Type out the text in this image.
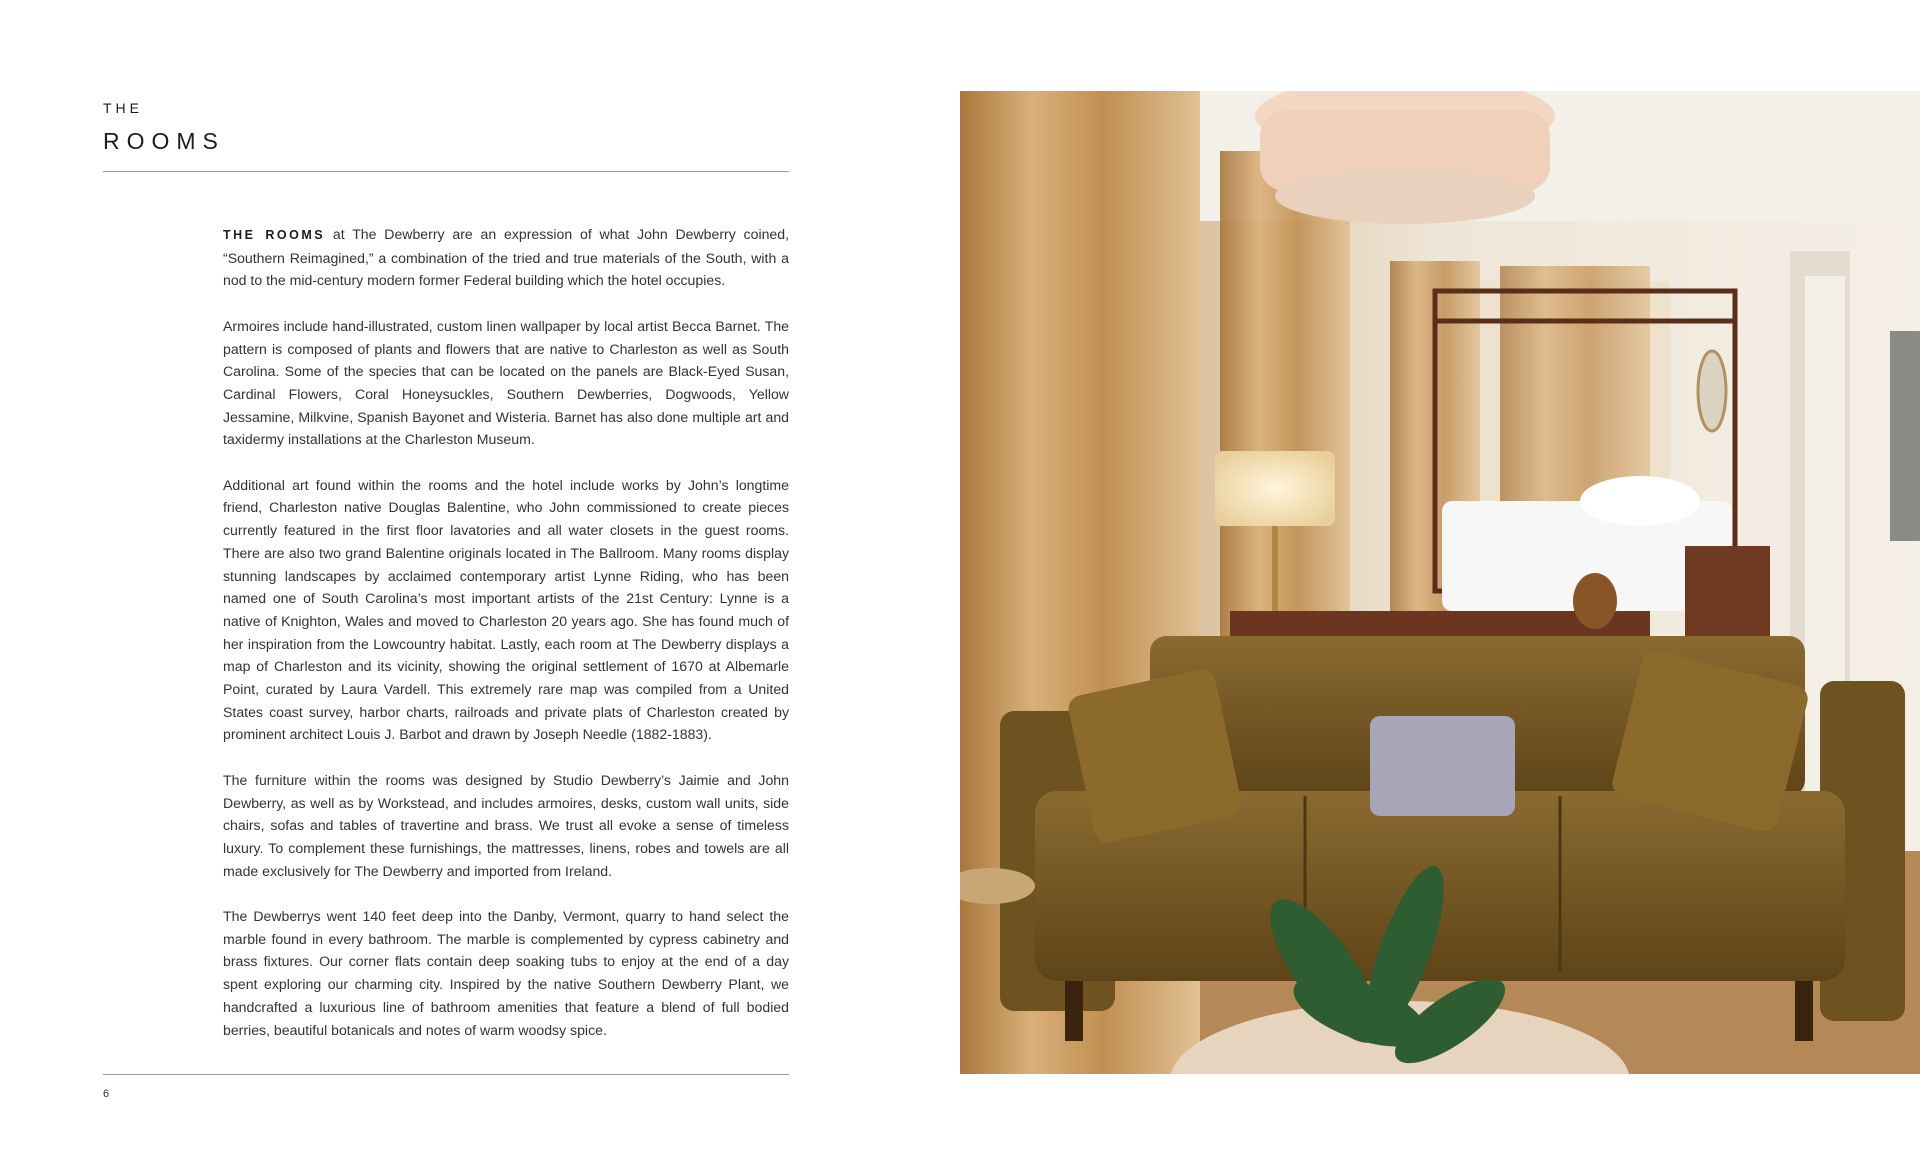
THE
ROOMS

THE ROOMS at The Dewberry are an expression of what John Dewberry coined, “Southern Reimagined,” a combination of the tried and true materials of the South, with a nod to the mid-century modern former Federal building which the hotel occupies.

Armoires include hand-illustrated, custom linen wallpaper by local artist Becca Barnet. The pattern is composed of plants and flowers that are native to Charleston as well as South Carolina. Some of the species that can be located on the panels are Black-Eyed Susan, Cardinal Flowers, Coral Honeysuckles, Southern Dewberries, Dogwoods, Yellow Jessamine, Milkvine, Spanish Bayonet and Wisteria. Barnet has also done multiple art and taxidermy installations at the Charleston Museum.

Additional art found within the rooms and the hotel include works by John’s longtime friend, Charleston native Douglas Balentine, who John commissioned to create pieces currently featured in the first floor lavatories and all water closets in the guest rooms. There are also two grand Balentine originals located in The Ballroom. Many rooms display stunning landscapes by acclaimed contemporary artist Lynne Riding, who has been named one of South Carolina’s most important artists of the 21st Century: Lynne is a native of Knighton, Wales and moved to Charleston 20 years ago. She has found much of her inspiration from the Lowcountry habitat. Lastly, each room at The Dewberry displays a map of Charleston and its vicinity, showing the original settlement of 1670 at Albemarle Point, curated by Laura Vardell. This extremely rare map was compiled from a United States coast survey, harbor charts, railroads and private plats of Charleston created by prominent architect Louis J. Barbot and drawn by Joseph Needle (1882-1883).

The furniture within the rooms was designed by Studio Dewberry’s Jaimie and John Dewberry, as well as by Workstead, and includes armoires, desks, custom wall units, side chairs, sofas and tables of travertine and brass. We trust all evoke a sense of timeless luxury. To complement these furnishings, the mattresses, linens, robes and towels are all made exclusively for The Dewberry and imported from Ireland.

The Dewberrys went 140 feet deep into the Danby, Vermont, quarry to hand select the marble found in every bathroom. The marble is complemented by cypress cabinetry and brass fixtures. Our corner flats contain deep soaking tubs to enjoy at the end of a day spent exploring our charming city. Inspired by the native Southern Dewberry Plant, we handcrafted a luxurious line of bathroom amenities that feature a blend of full bodied berries, beautiful botanicals and notes of warm woodsy spice.

6
